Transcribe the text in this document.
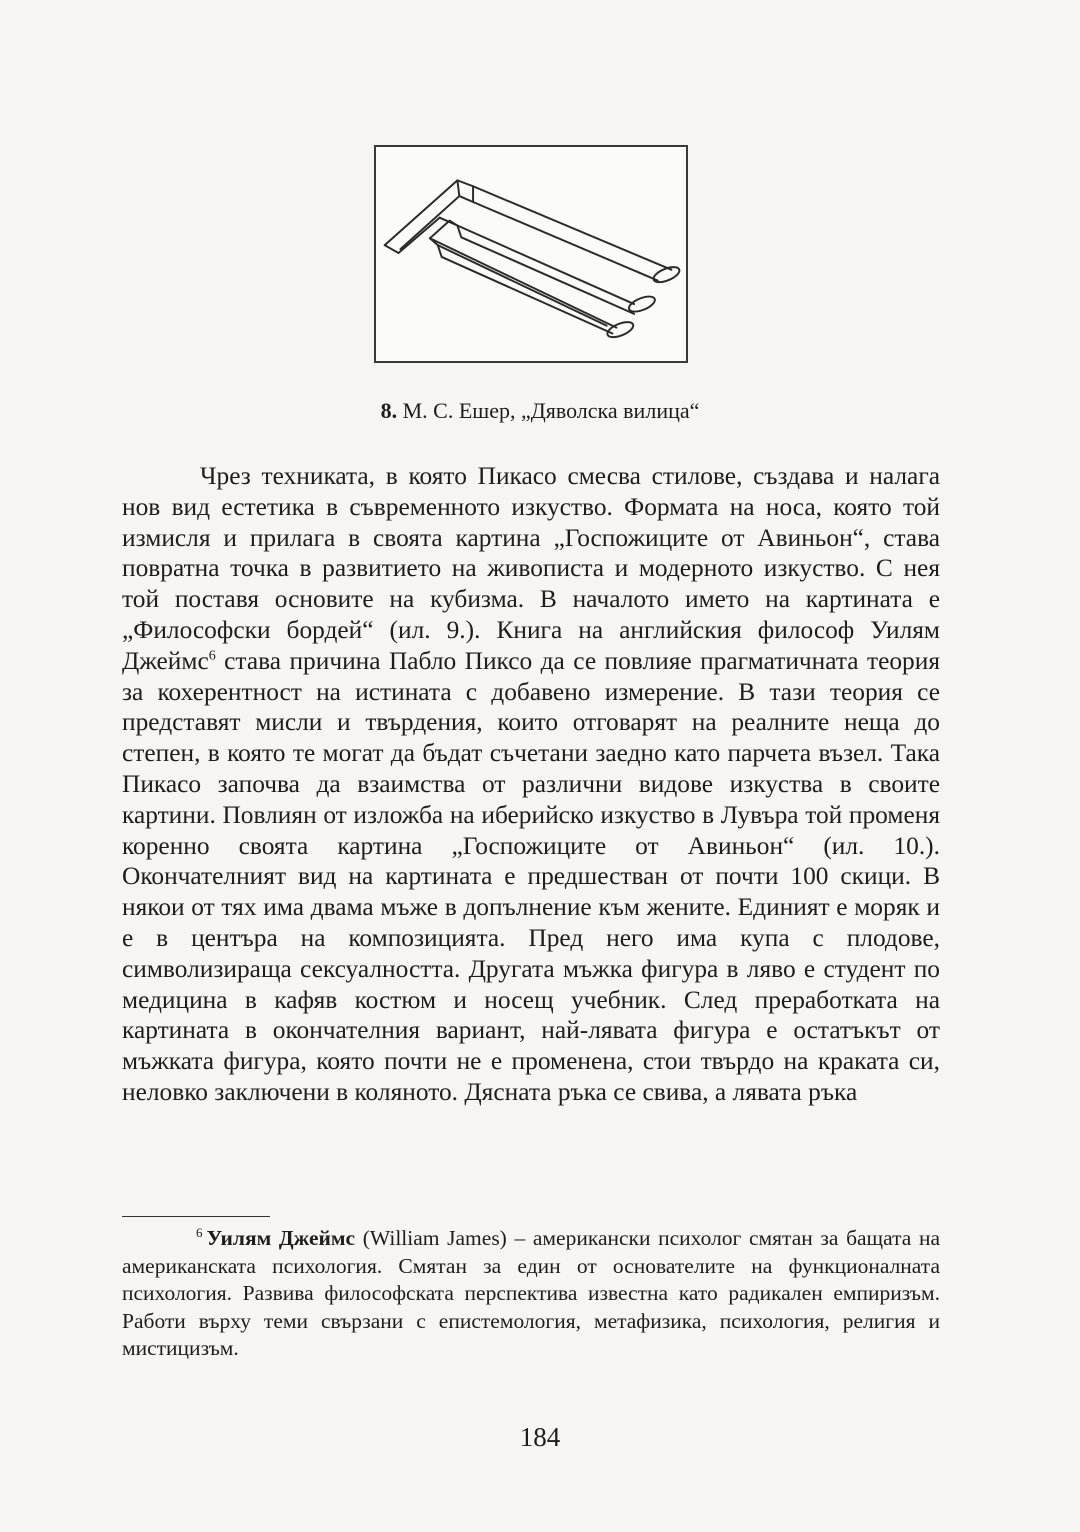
8. М. С. Ешер, „Дяволска вилица“

Чрез техниката, в която Пикасо смесва стилове, създава и налага нов вид естетика в съвременното изкуство. Формата на носа, която той измисля и прилага в своята картина „Госпожиците от Авиньон“, става повратна точка в развитието на живописта и модерното изкуство. С нея той поставя основите на кубизма. В началото името на картината е „Философски бордей“ (ил. 9.). Книга на английския философ Уилям Джеймс$^6$ става причина Пабло Пиксо да се повлияе прагматичната теория за кохерентност на истината с добавено измерение. В тази теория се представят мисли и твърдения, които отговарят на реалните неща до степен, в която те могат да бъдат съчетани заедно като парчета възел. Така Пикасо започва да взаимства от различни видове изкуства в своите картини. Повлиян от изложба на иберийско изкуство в Лувъра той променя коренно своята картина „Госпожиците от Авиньон“ (ил. 10.). Окончателният вид на картината е предшестван от почти 100 скици. В някои от тях има двама мъже в допълнение към жените. Единият е моряк и е в центъра на композицията. Пред него има купа с плодове, символизираща сексуалността. Другата мъжка фигура в ляво е студент по медицина в кафяв костюм и носещ учебник. След преработката на картината в окончателния вариант, най-лявата фигура е остатъкът от мъжката фигура, която почти не е променена, стои твърдо на краката си, неловко заключени в коляното. Дясната ръка се свива, а лявата ръка

$^6$ Уилям Джеймс (William James) – американски психолог смятан за бащата на американската психология. Смятан за един от основателите на функционалната психология. Развива философската перспектива известна като радикален емпиризъм. Работи върху теми свързани с епистемология, метафизика, психология, религия и мистицизъм.

184
